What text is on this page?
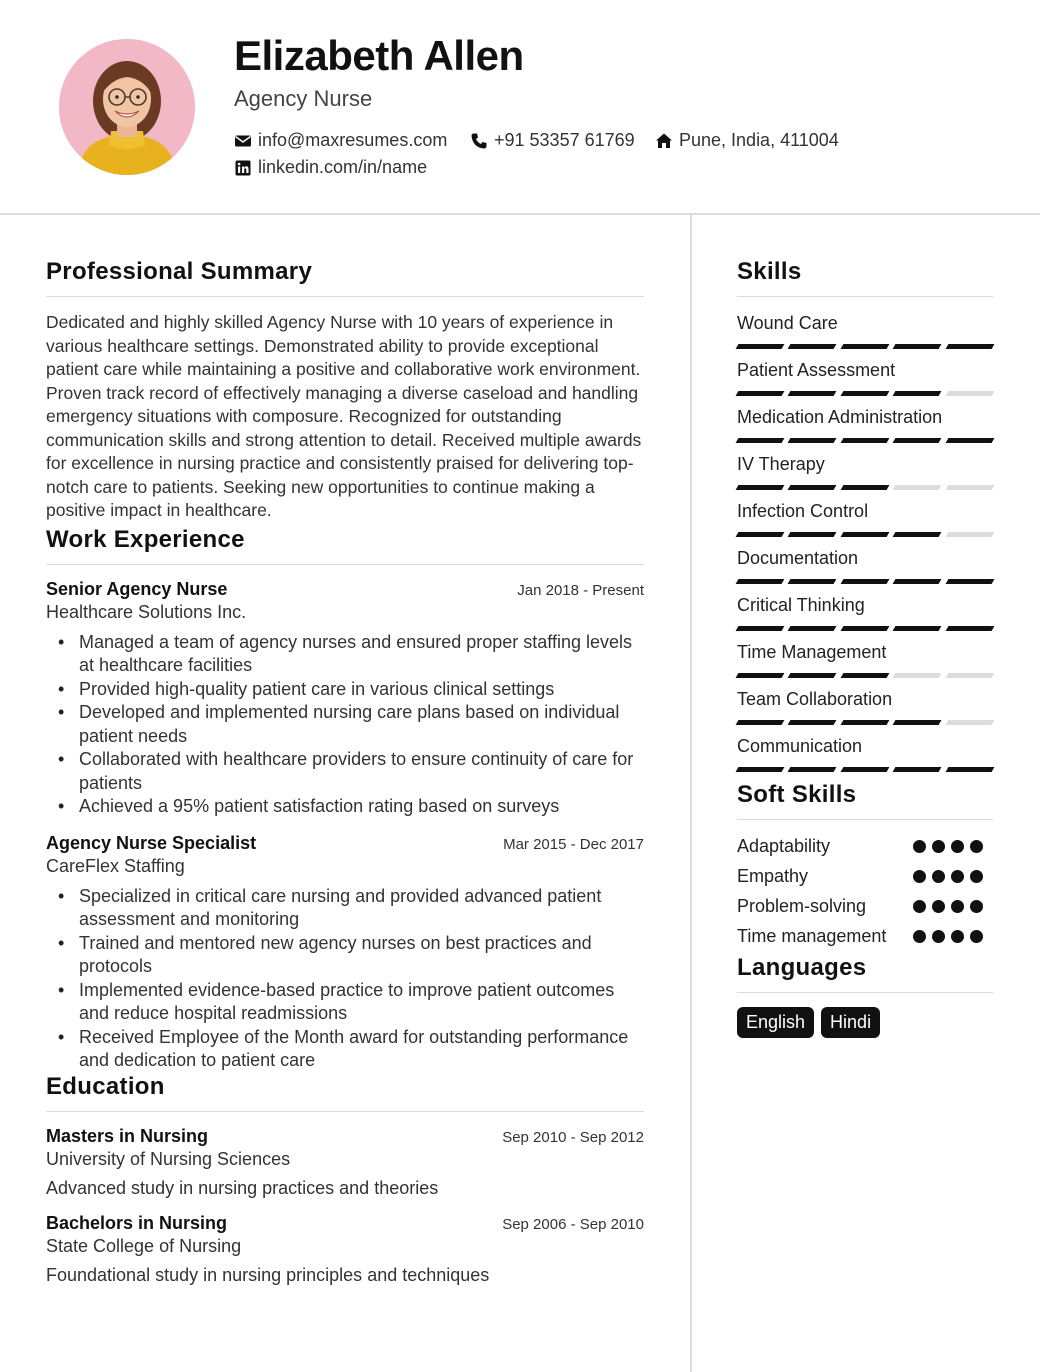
Elizabeth Allen
Agency Nurse
info@maxresumes.com	+91 53357 61769 Pune, India, 411004
linkedin.com/in/name
Professional Summary

Dedicated and highly skilled Agency Nurse with 10 years of experience in various healthcare settings. Demonstrated ability to provide exceptional patient care while maintaining a positive and collaborative work environment. Proven track record of effectively managing a diverse caseload and handling emergency situations with composure. Recognized for outstanding communication skills and strong attention to detail. Received multiple awards for excellence in nursing practice and consistently praised for delivering top-notch care to patients. Seeking new opportunities to continue making a positive impact in healthcare.

Work Experience
Senior Agency Nurse	Jan 2018 - Present
Healthcare Solutions Inc.
• Managed a team of agency nurses and ensured proper staffing levels at healthcare facilities
• Provided high-quality patient care in various clinical settings
• Developed and implemented nursing care plans based on individual patient needs
• Collaborated with healthcare providers to ensure continuity of care for patients
• Achieved a 95% patient satisfaction rating based on surveys
Agency Nurse Specialist	Mar 2015 - Dec 2017
CareFlex Staffing
• Specialized in critical care nursing and provided advanced patient assessment and monitoring
• Trained and mentored new agency nurses on best practices and protocols
• Implemented evidence-based practice to improve patient outcomes and reduce hospital readmissions
• Received Employee of the Month award for outstanding performance and dedication to patient care
Education
Masters in Nursing	Sep 2010 - Sep 2012
University of Nursing Sciences
Advanced study in nursing practices and theories
Bachelors in Nursing	Sep 2006 - Sep 2010
State College of Nursing
Foundational study in nursing principles and techniques
Skills
Wound Care
Patient Assessment
Medication Administration
IV Therapy
Infection Control
Documentation
Critical Thinking
Time Management
Team Collaboration
Communication
Soft Skills
Adaptability
Empathy
Problem-solving
Time management
Languages
English	Hindi
